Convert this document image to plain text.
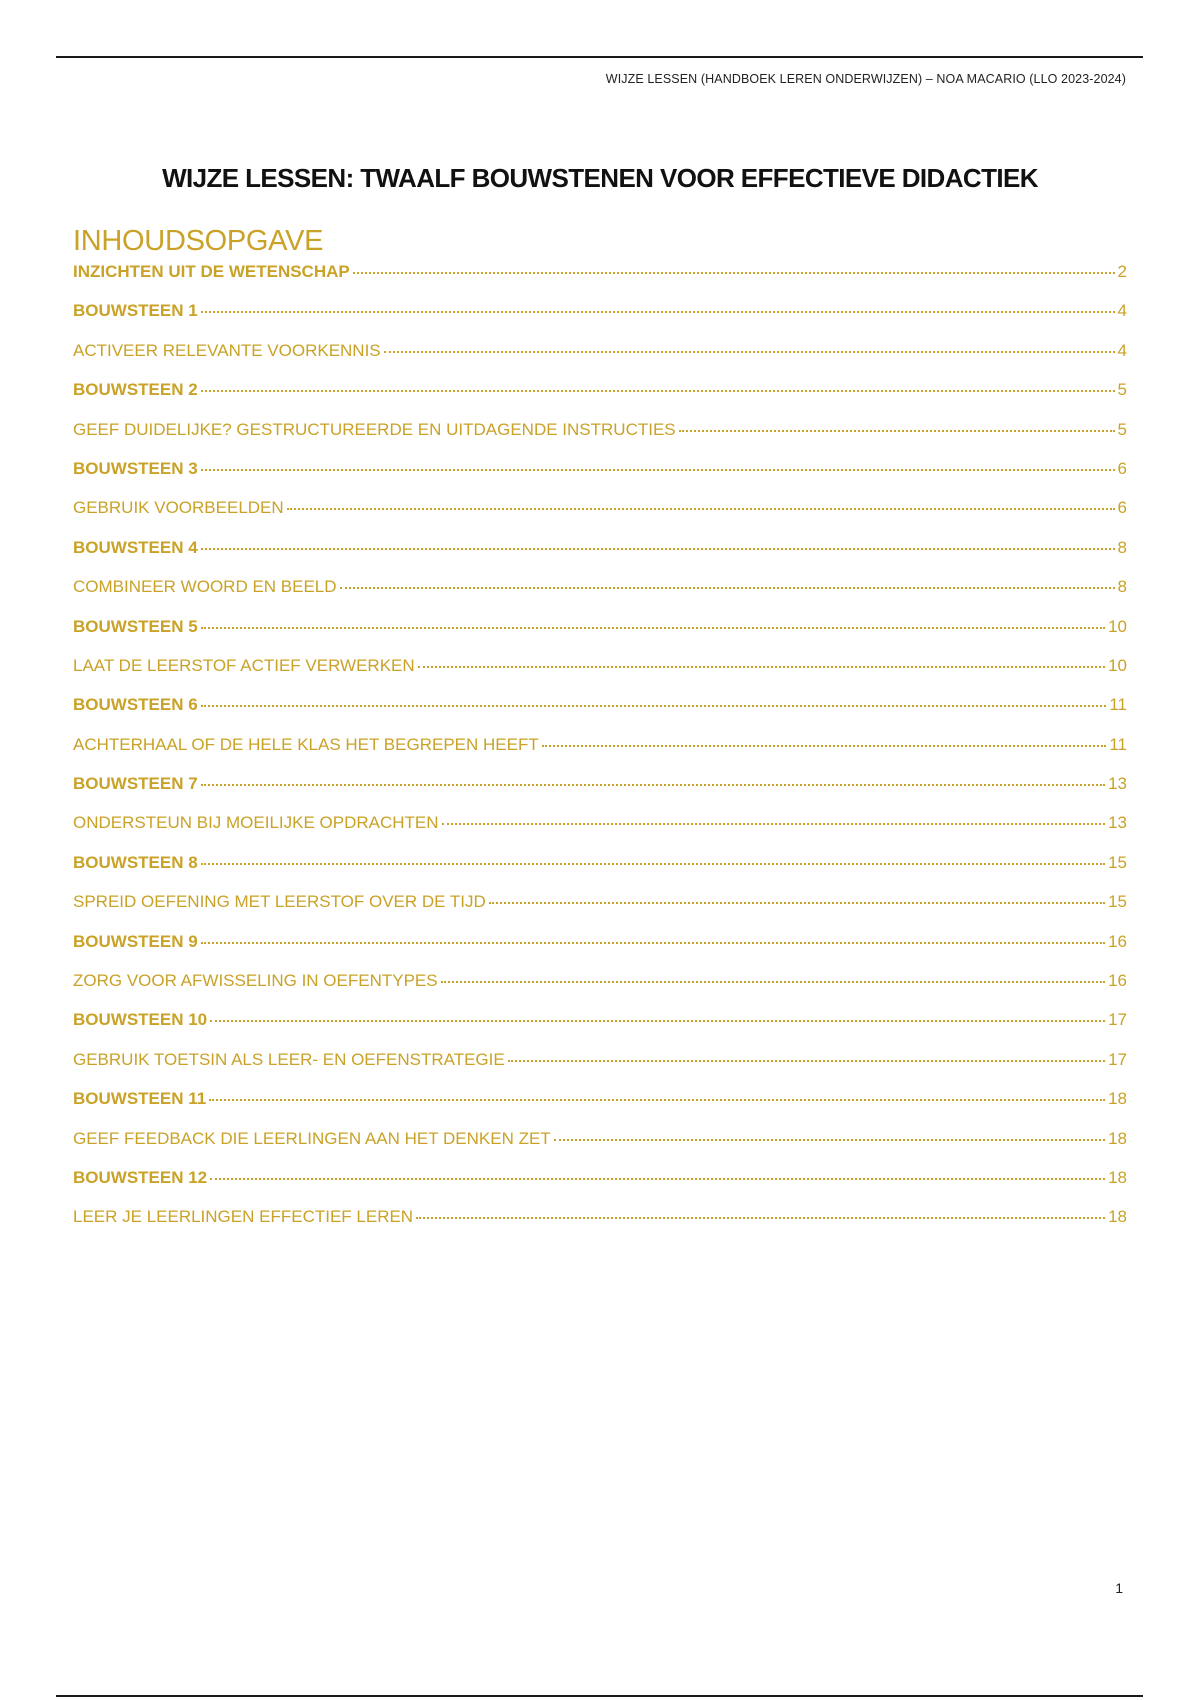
WIJZE LESSEN (HANDBOEK LEREN ONDERWIJZEN) – NOA MACARIO (LLO 2023-2024)
WIJZE LESSEN: TWAALF BOUWSTENEN VOOR EFFECTIEVE DIDACTIEK
INHOUDSOPGAVE
INZICHTEN UIT DE WETENSCHAP	2
BOUWSTEEN 1	4
ACTIVEER RELEVANTE VOORKENNIS	4
BOUWSTEEN 2	5
GEEF DUIDELIJKE? GESTRUCTUREERDE EN UITDAGENDE INSTRUCTIES	5
BOUWSTEEN 3	6
GEBRUIK VOORBEELDEN	6
BOUWSTEEN 4	8
COMBINEER WOORD EN BEELD	8
BOUWSTEEN 5	10
LAAT DE LEERSTOF ACTIEF VERWERKEN	10
BOUWSTEEN 6	11
ACHTERHAAL OF DE HELE KLAS HET BEGREPEN HEEFT	11
BOUWSTEEN 7	13
ONDERSTEUN BIJ MOEILIJKE OPDRACHTEN	13
BOUWSTEEN 8	15
SPREID OEFENING MET LEERSTOF OVER DE TIJD	15
BOUWSTEEN 9	16
ZORG VOOR AFWISSELING IN OEFENTYPES	16
BOUWSTEEN 10	17
GEBRUIK TOETSIN ALS LEER- EN OEFENSTRATEGIE	17
BOUWSTEEN 11	18
GEEF FEEDBACK DIE LEERLINGEN AAN HET DENKEN ZET	18
BOUWSTEEN 12	18
LEER JE LEERLINGEN EFFECTIEF LEREN	18
1
